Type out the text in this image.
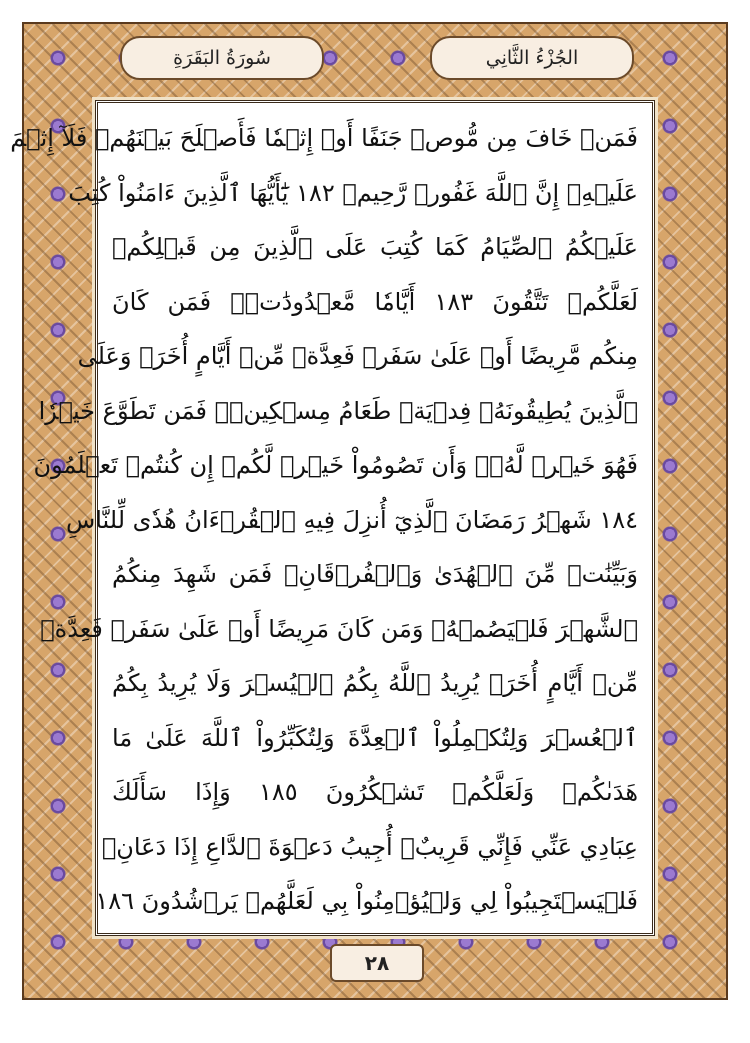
سُورَةُ البَقَرَةِ	الجُزْءُ الثَّانِي
فَمَنۡ خَافَ مِن مُّوصٖ جَنَفًا أَوۡ إِثۡمٗا فَأَصۡلَحَ بَيۡنَهُمۡ فَلَآ إِثۡمَ
عَلَيۡهِۚ إِنَّ ٱللَّهَ غَفُورٞ رَّحِيمٞ ١٨٢ يَٰٓأَيُّهَا ٱلَّذِينَ ءَامَنُواْ كُتِبَ
عَلَيۡكُمُ ٱلصِّيَامُ كَمَا كُتِبَ عَلَى ٱلَّذِينَ مِن قَبۡلِكُمۡ
لَعَلَّكُمۡ تَتَّقُونَ ١٨٣ أَيَّامٗا مَّعۡدُودَٰتٖۚ فَمَن كَانَ
مِنكُم مَّرِيضًا أَوۡ عَلَىٰ سَفَرٖ فَعِدَّةٞ مِّنۡ أَيَّامٍ أُخَرَۚ وَعَلَى
ٱلَّذِينَ يُطِيقُونَهُۥ فِدۡيَةٞ طَعَامُ مِسۡكِينٖۖ فَمَن تَطَوَّعَ خَيۡرٗا
فَهُوَ خَيۡرٞ لَّهُۥۚ وَأَن تَصُومُواْ خَيۡرٞ لَّكُمۡ إِن كُنتُمۡ تَعۡلَمُونَ
١٨٤ شَهۡرُ رَمَضَانَ ٱلَّذِيٓ أُنزِلَ فِيهِ ٱلۡقُرۡءَانُ هُدٗى لِّلنَّاسِ
وَبَيِّنَٰتٖ مِّنَ ٱلۡهُدَىٰ وَٱلۡفُرۡقَانِۚ فَمَن شَهِدَ مِنكُمُ
ٱلشَّهۡرَ فَلۡيَصُمۡهُۖ وَمَن كَانَ مَرِيضًا أَوۡ عَلَىٰ سَفَرٖ فَعِدَّةٞ
مِّنۡ أَيَّامٍ أُخَرَۗ يُرِيدُ ٱللَّهُ بِكُمُ ٱلۡيُسۡرَ وَلَا يُرِيدُ بِكُمُ
ٱلۡعُسۡرَ وَلِتُكۡمِلُواْ ٱلۡعِدَّةَ وَلِتُكَبِّرُواْ ٱللَّهَ عَلَىٰ مَا
هَدَىٰكُمۡ وَلَعَلَّكُمۡ تَشۡكُرُونَ ١٨٥ وَإِذَا سَأَلَكَ
عِبَادِي عَنِّي فَإِنِّي قَرِيبٌۖ أُجِيبُ دَعۡوَةَ ٱلدَّاعِ إِذَا دَعَانِۖ
فَلۡيَسۡتَجِيبُواْ لِي وَلۡيُؤۡمِنُواْ بِي لَعَلَّهُمۡ يَرۡشُدُونَ ١٨٦
٢٨
